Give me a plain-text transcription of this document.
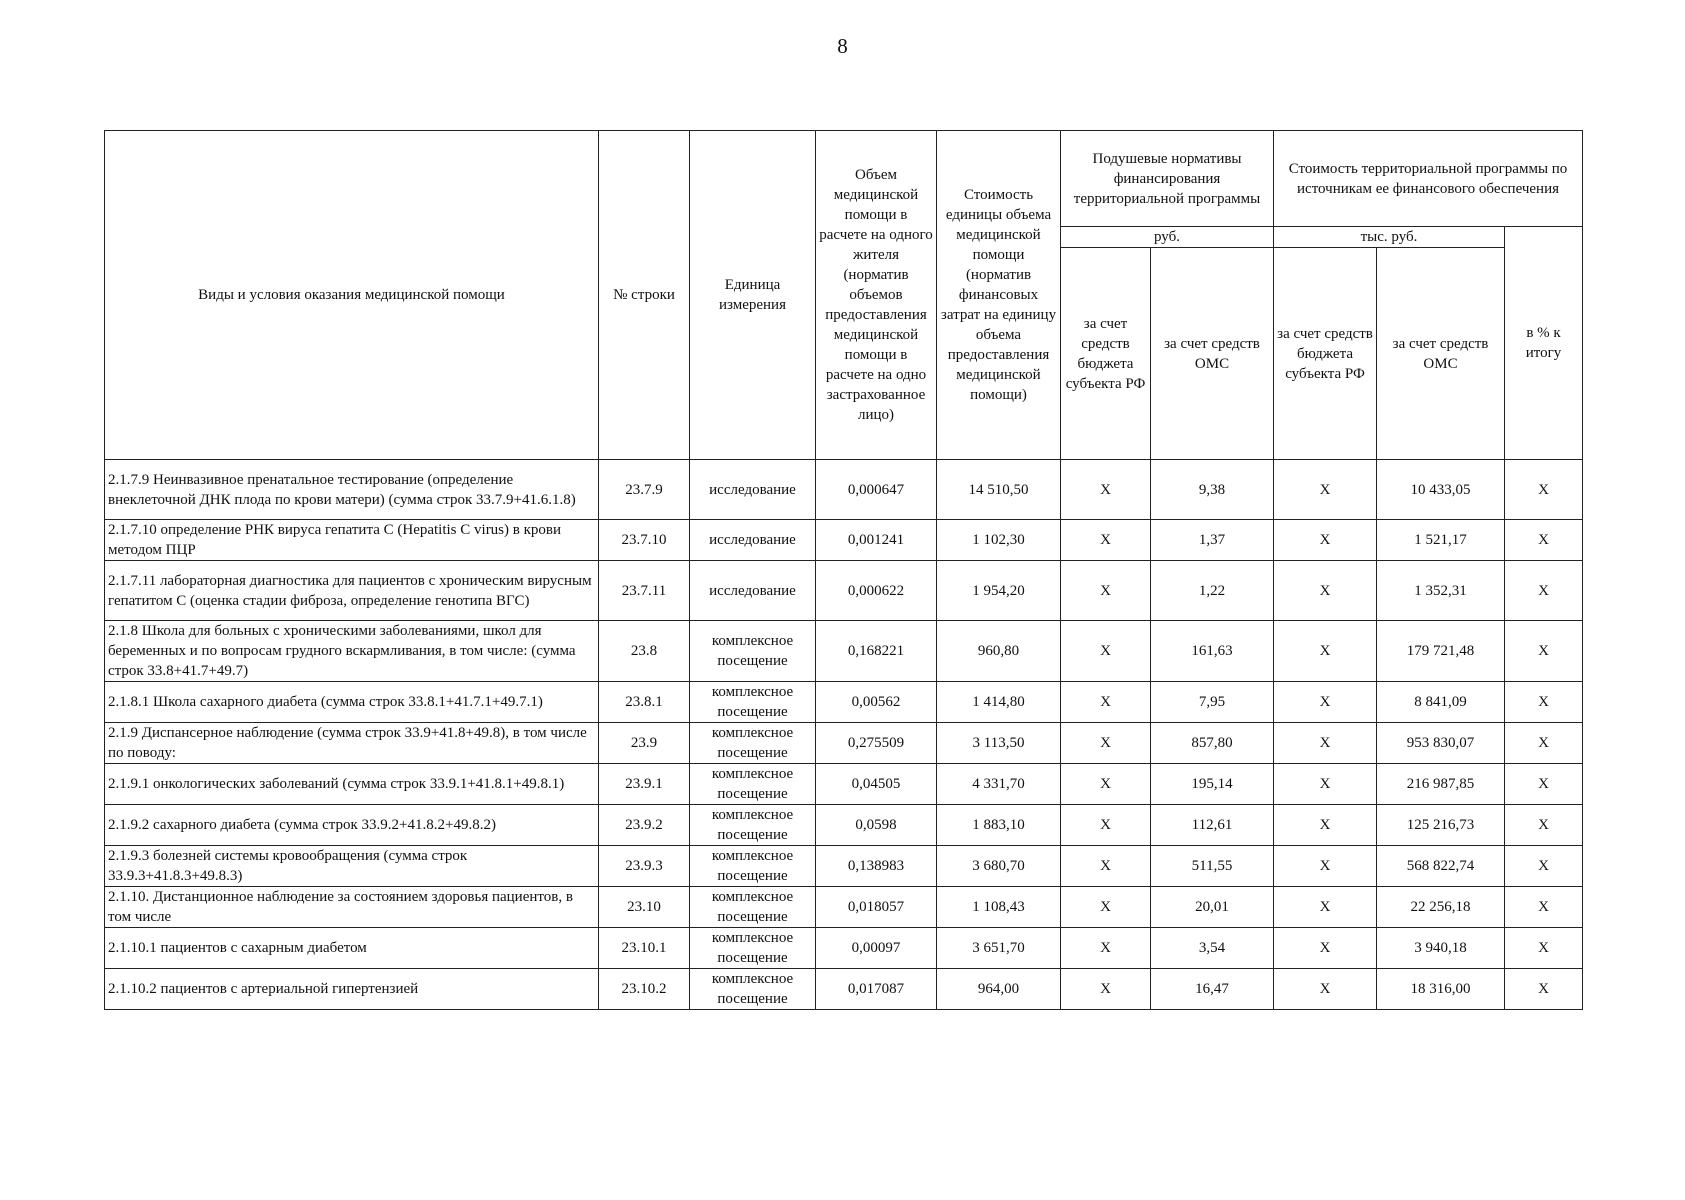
8
Виды и условия оказания медицинской помощи	№ строки	Единица измерения	Объем медицинской помощи в расчете на одного жителя (норматив объемов предоставления медицинской помощи в расчете на одно застрахованное лицо)	Стоимость единицы объема медицинской помощи (норматив финансовых затрат на единицу объема предоставления медицинской помощи)	Подушевые нормативы финансирования территориальной программы		Стоимость территориальной программы по источникам ее финансового обеспечения		
					руб.		тыс. руб.		в % к итогу
					за счет средств бюджета субъекта РФ	за счет средств ОМС	за счет средств бюджета субъекта РФ	за счет средств ОМС	
2.1.7.9 Неинвазивное пренатальное тестирование (определение внеклеточной ДНК плода по крови матери) (сумма строк 33.7.9+41.6.1.8)	23.7.9	исследование	0,000647	14 510,50	X	9,38	X	10 433,05	X
2.1.7.10 определение РНК вируса гепатита С (Hepatitis C virus) в крови методом ПЦР	23.7.10	исследование	0,001241	1 102,30	X	1,37	X	1 521,17	X
2.1.7.11 лабораторная диагностика для пациентов с хроническим вирусным гепатитом С (оценка стадии фиброза, определение генотипа ВГС)	23.7.11	исследование	0,000622	1 954,20	X	1,22	X	1 352,31	X
2.1.8 Школа для больных с хроническими заболеваниями, школ для беременных и по вопросам грудного вскармливания, в том числе: (сумма строк 33.8+41.7+49.7)	23.8	комплексное посещение	0,168221	960,80	X	161,63	X	179 721,48	X
2.1.8.1 Школа сахарного диабета (сумма строк 33.8.1+41.7.1+49.7.1)	23.8.1	комплексное посещение	0,00562	1 414,80	X	7,95	X	8 841,09	X
2.1.9 Диспансерное наблюдение (сумма строк 33.9+41.8+49.8), в том числе по поводу:	23.9	комплексное посещение	0,275509	3 113,50	X	857,80	X	953 830,07	X
2.1.9.1 онкологических заболеваний (сумма строк 33.9.1+41.8.1+49.8.1)	23.9.1	комплексное посещение	0,04505	4 331,70	X	195,14	X	216 987,85	X
2.1.9.2 сахарного диабета (сумма строк 33.9.2+41.8.2+49.8.2)	23.9.2	комплексное посещение	0,0598	1 883,10	X	112,61	X	125 216,73	X
2.1.9.3 болезней системы кровообращения (сумма строк 33.9.3+41.8.3+49.8.3)	23.9.3	комплексное посещение	0,138983	3 680,70	X	511,55	X	568 822,74	X
2.1.10. Дистанционное наблюдение за состоянием здоровья пациентов, в том числе	23.10	комплексное посещение	0,018057	1 108,43	X	20,01	X	22 256,18	X
2.1.10.1 пациентов с сахарным диабетом	23.10.1	комплексное посещение	0,00097	3 651,70	X	3,54	X	3 940,18	X
2.1.10.2 пациентов с артериальной гипертензией	23.10.2	комплексное посещение	0,017087	964,00	X	16,47	X	18 316,00	X
